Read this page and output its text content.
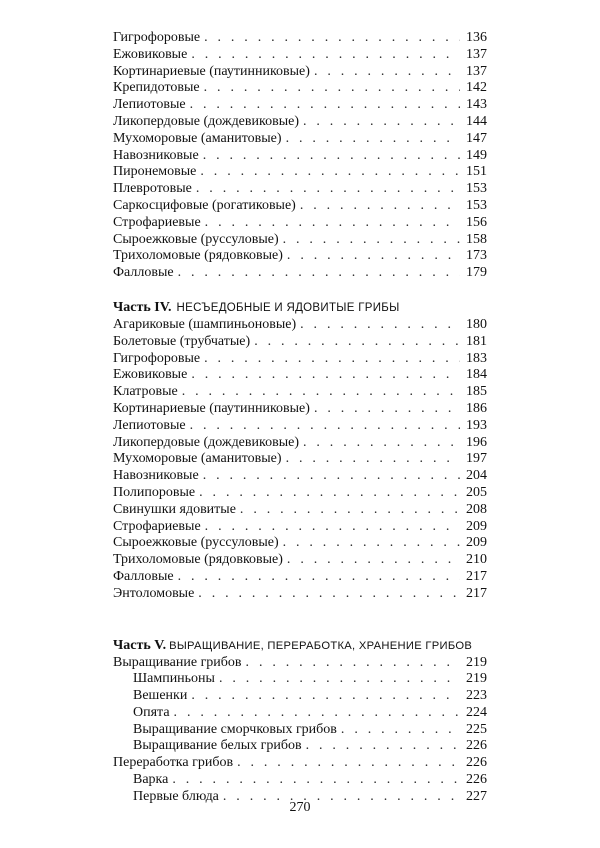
Гигрофоровые . . .	136
Ежовиковые . . .	137
Кортинариевые (паутинниковые) . . .	137
Крепидотовые . . .	142
Лепиотовые . . .	143
Ликопердовые (дождевиковые) . . .	144
Мухоморовые (аманитовые) . . .	147
Навозниковые . . .	149
Пиронемовые . . .	151
Плевротовые . . .	153
Саркосцифовые (рогатиковые) . . .	153
Строфариевые . . .	156
Сыроежковые (руссуловые) . . .	158
Трихоломовые (рядовковые) . . .	173
Фалловые . . .	179
Часть IV. НЕСЪЕДОБНЫЕ И ЯДОВИТЫЕ ГРИБЫ
Агариковые (шампиньоновые) . . .	180
Болетовые (трубчатые) . . .	181
Гигрофоровые . . .	183
Ежовиковые . . .	184
Клатровые . . .	185
Кортинариевые (паутинниковые) . . .	186
Лепиотовые . . .	193
Ликопердовые (дождевиковые) . . .	196
Мухоморовые (аманитовые) . . .	197
Навозниковые . . .	204
Полипоровые . . .	205
Свинушки ядовитые . . .	208
Строфариевые . . .	209
Сыроежковые (руссуловые) . . .	209
Трихоломовые (рядовковые) . . .	210
Фалловые . . .	217
Энтоломовые . . .	217
Часть V. ВЫРАЩИВАНИЕ, ПЕРЕРАБОТКА, ХРАНЕНИЕ ГРИБОВ
Выращивание грибов . . .	219
Шампиньоны . . .	219
Вешенки . . .	223
Опята . . .	224
Выращивание сморчковых грибов . . .	225
Выращивание белых грибов . . .	226
Переработка грибов . . .	226
Варка . . .	226
Первые блюда . . .	227
270
